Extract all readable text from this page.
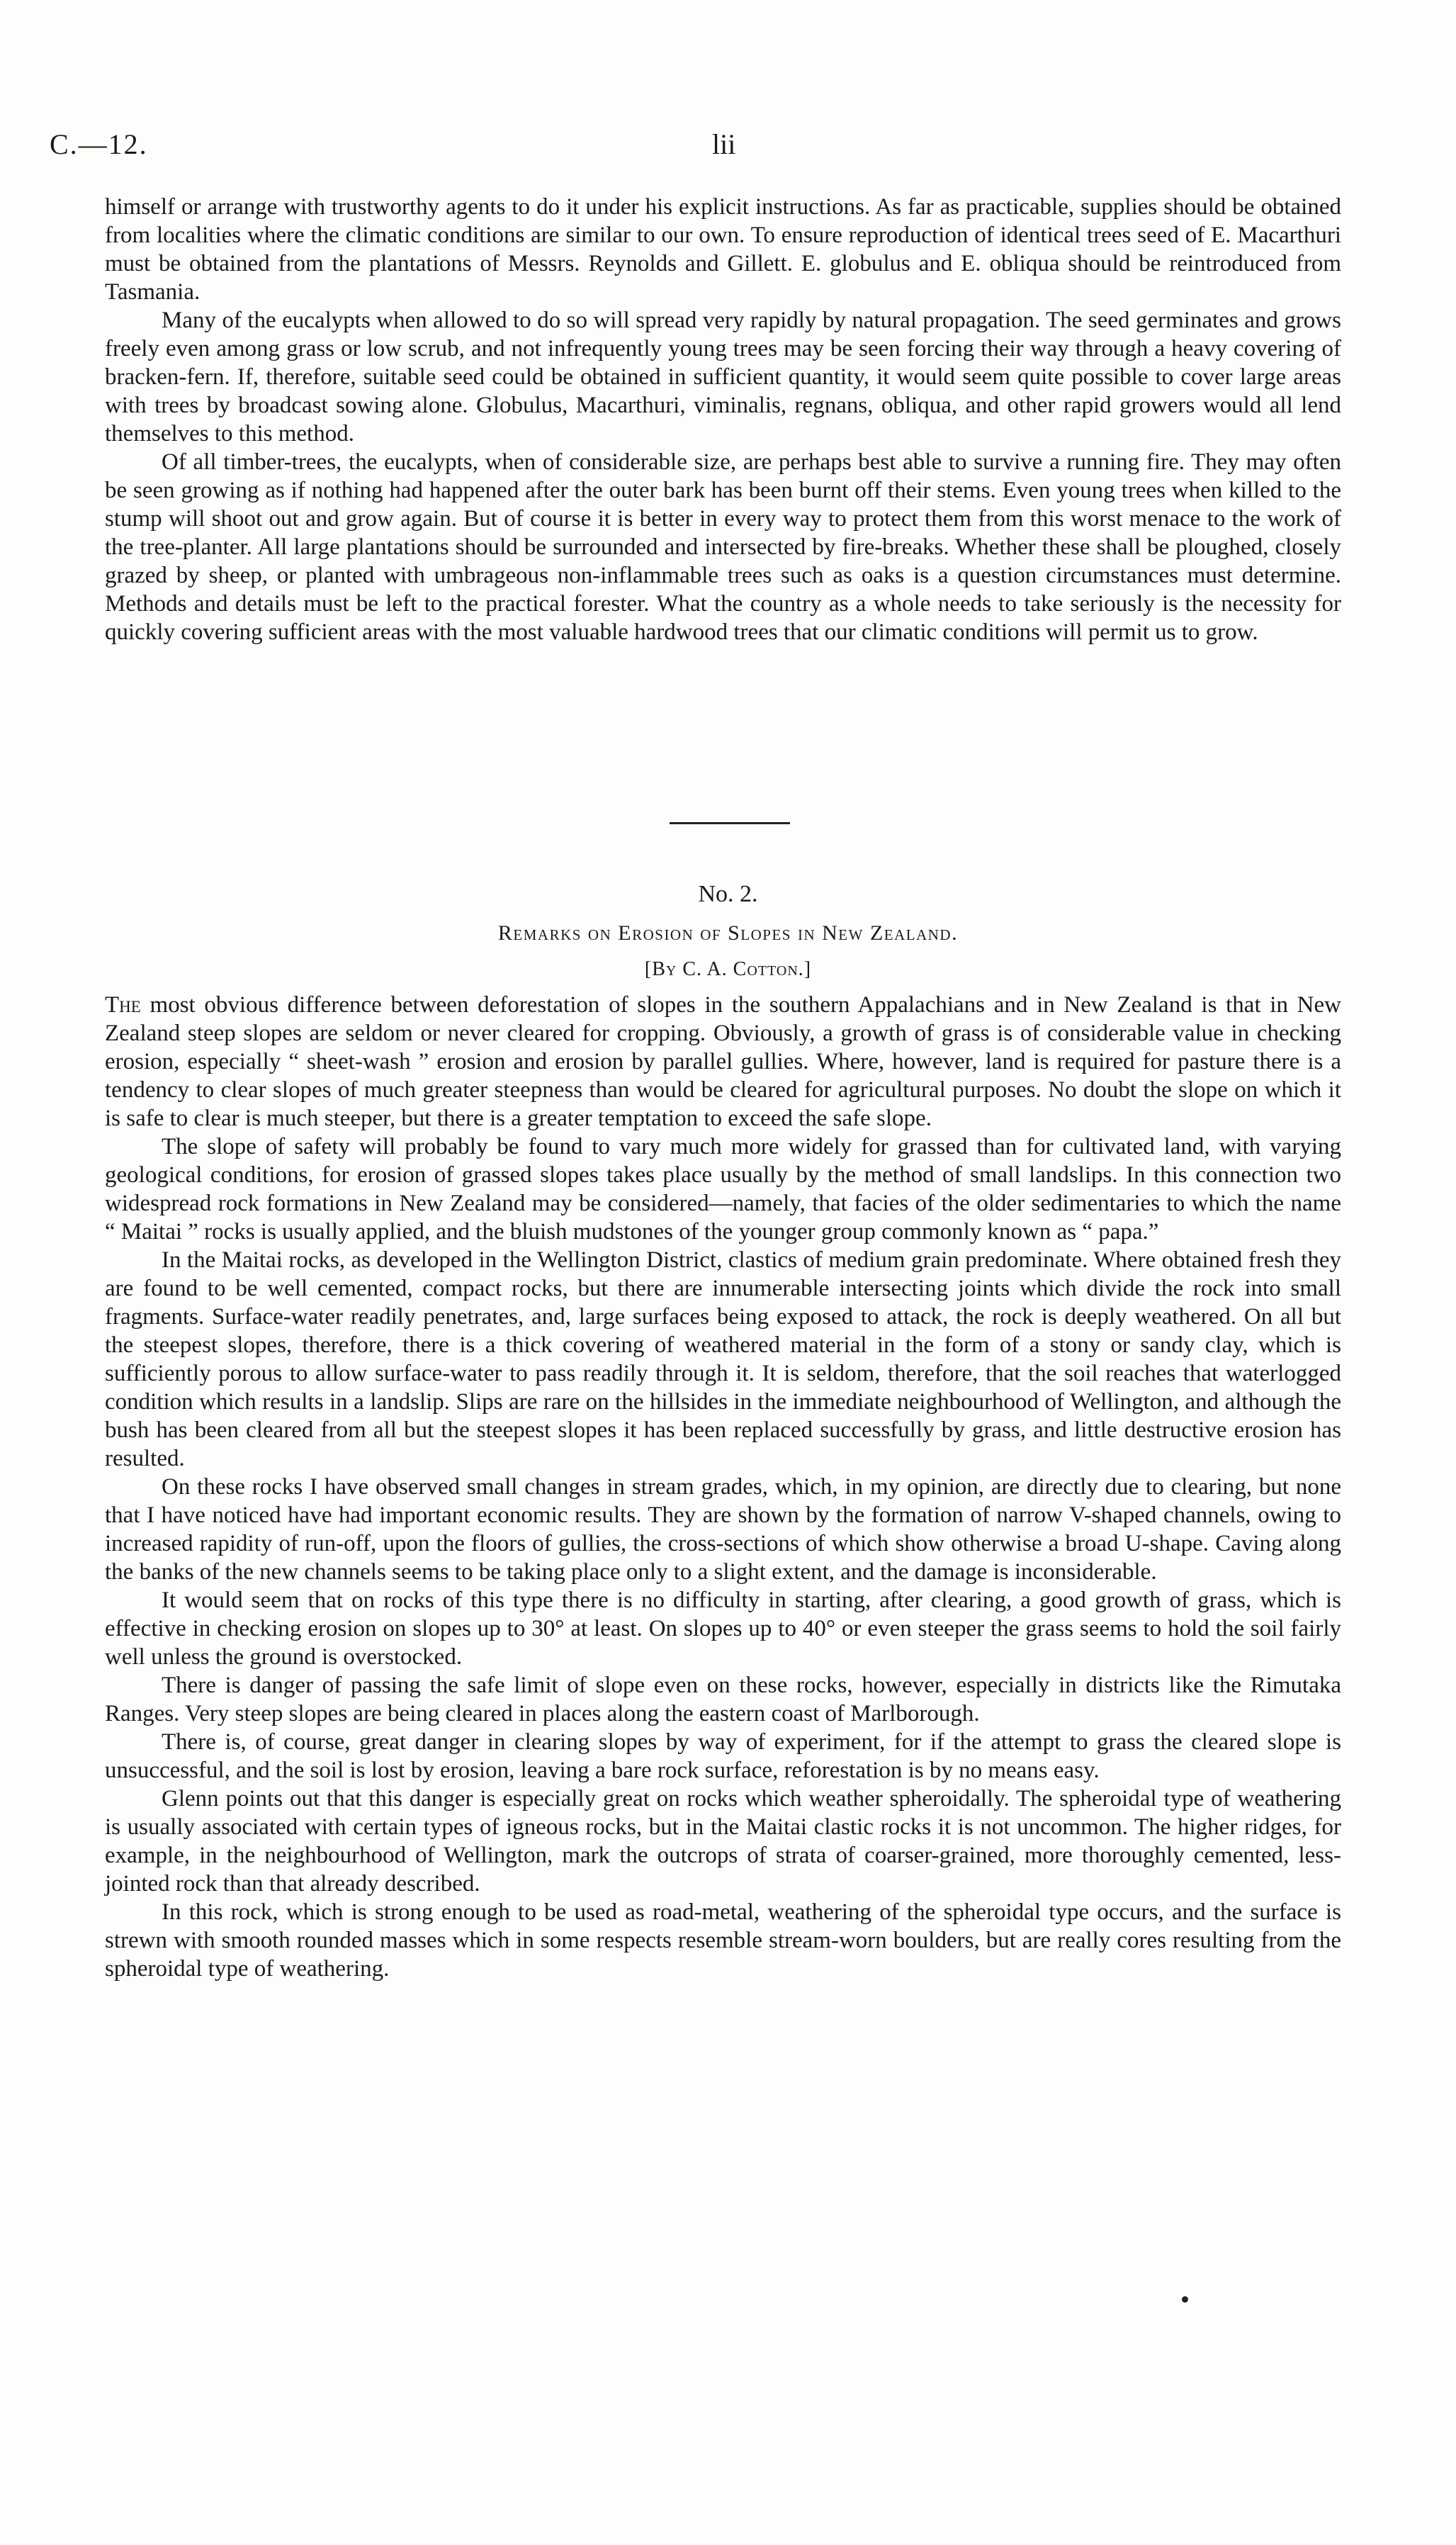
C.—12.	lii

himself or arrange with trustworthy agents to do it under his explicit instructions. As far as practicable, supplies should be obtained from localities where the climatic conditions are similar to our own. To ensure reproduction of identical trees seed of E. Macarthuri must be obtained from the plantations of Messrs. Reynolds and Gillett. E. globulus and E. obliqua should be reintroduced from Tasmania.

Many of the eucalypts when allowed to do so will spread very rapidly by natural propagation. The seed germinates and grows freely even among grass or low scrub, and not infrequently young trees may be seen forcing their way through a heavy covering of bracken-fern. If, therefore, suitable seed could be obtained in sufficient quantity, it would seem quite possible to cover large areas with trees by broadcast sowing alone. Globulus, Macarthuri, viminalis, regnans, obliqua, and other rapid growers would all lend themselves to this method.

Of all timber-trees, the eucalypts, when of considerable size, are perhaps best able to survive a running fire. They may often be seen growing as if nothing had happened after the outer bark has been burnt off their stems. Even young trees when killed to the stump will shoot out and grow again. But of course it is better in every way to protect them from this worst menace to the work of the tree-planter. All large plantations should be surrounded and intersected by fire-breaks. Whether these shall be ploughed, closely grazed by sheep, or planted with umbrageous non-inflammable trees such as oaks is a question circumstances must determine. Methods and details must be left to the practical forester. What the country as a whole needs to take seriously is the necessity for quickly covering sufficient areas with the most valuable hardwood trees that our climatic conditions will permit us to grow.

No. 2.
Remarks on Erosion of Slopes in New Zealand.
[By C. A. Cotton.]

The most obvious difference between deforestation of slopes in the southern Appalachians and in New Zealand is that in New Zealand steep slopes are seldom or never cleared for cropping. Obviously, a growth of grass is of considerable value in checking erosion, especially “ sheet-wash ” erosion and erosion by parallel gullies. Where, however, land is required for pasture there is a tendency to clear slopes of much greater steepness than would be cleared for agricultural purposes. No doubt the slope on which it is safe to clear is much steeper, but there is a greater temptation to exceed the safe slope.

The slope of safety will probably be found to vary much more widely for grassed than for cultivated land, with varying geological conditions, for erosion of grassed slopes takes place usually by the method of small landslips. In this connection two widespread rock formations in New Zealand may be considered—namely, that facies of the older sedimentaries to which the name “ Maitai ” rocks is usually applied, and the bluish mudstones of the younger group commonly known as “ papa.”

In the Maitai rocks, as developed in the Wellington District, clastics of medium grain predominate. Where obtained fresh they are found to be well cemented, compact rocks, but there are innumerable intersecting joints which divide the rock into small fragments. Surface-water readily penetrates, and, large surfaces being exposed to attack, the rock is deeply weathered. On all but the steepest slopes, therefore, there is a thick covering of weathered material in the form of a stony or sandy clay, which is sufficiently porous to allow surface-water to pass readily through it. It is seldom, therefore, that the soil reaches that waterlogged condition which results in a landslip. Slips are rare on the hillsides in the immediate neighbourhood of Wellington, and although the bush has been cleared from all but the steepest slopes it has been replaced successfully by grass, and little destructive erosion has resulted.

On these rocks I have observed small changes in stream grades, which, in my opinion, are directly due to clearing, but none that I have noticed have had important economic results. They are shown by the formation of narrow V-shaped channels, owing to increased rapidity of run-off, upon the floors of gullies, the cross-sections of which show otherwise a broad U-shape. Caving along the banks of the new channels seems to be taking place only to a slight extent, and the damage is inconsiderable.

It would seem that on rocks of this type there is no difficulty in starting, after clearing, a good growth of grass, which is effective in checking erosion on slopes up to 30° at least. On slopes up to 40° or even steeper the grass seems to hold the soil fairly well unless the ground is overstocked.

There is danger of passing the safe limit of slope even on these rocks, however, especially in districts like the Rimutaka Ranges. Very steep slopes are being cleared in places along the eastern coast of Marlborough.

There is, of course, great danger in clearing slopes by way of experiment, for if the attempt to grass the cleared slope is unsuccessful, and the soil is lost by erosion, leaving a bare rock surface, reforestation is by no means easy.

Glenn points out that this danger is especially great on rocks which weather spheroidally. The spheroidal type of weathering is usually associated with certain types of igneous rocks, but in the Maitai clastic rocks it is not uncommon. The higher ridges, for example, in the neighbourhood of Wellington, mark the outcrops of strata of coarser-grained, more thoroughly cemented, less-jointed rock than that already described.

In this rock, which is strong enough to be used as road-metal, weathering of the spheroidal type occurs, and the surface is strewn with smooth rounded masses which in some respects resemble stream-worn boulders, but are really cores resulting from the spheroidal type of weathering.
